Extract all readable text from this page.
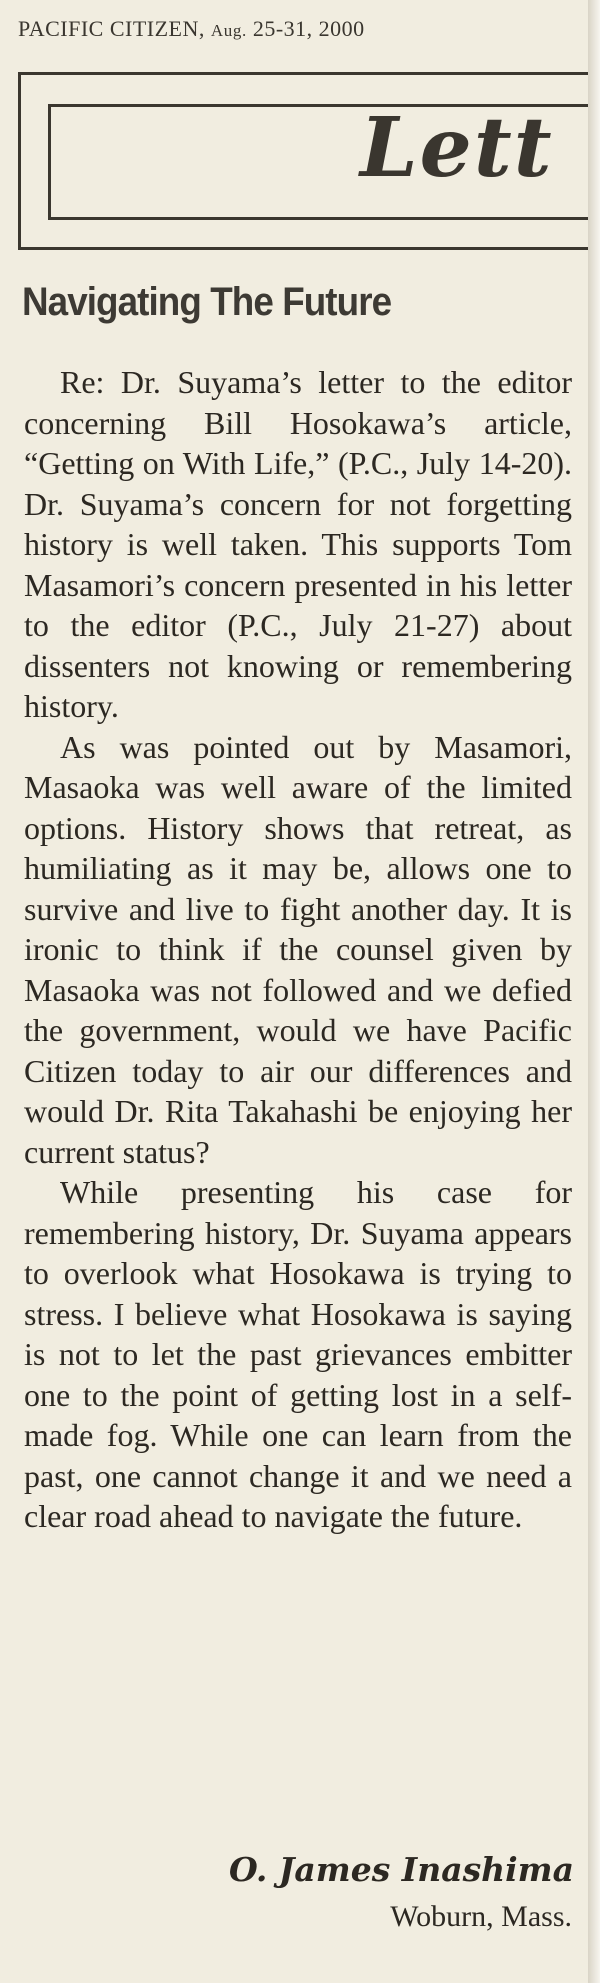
PACIFIC CITIZEN, Aug. 25-31, 2000
Lett
Navigating The Future

Re: Dr. Suyama’s letter to the editor concerning Bill Hosokawa’s article, “Getting on With Life,” (P.C., July 14-20). Dr. Suyama’s concern for not forgetting history is well taken. This supports Tom Masamori’s concern presented in his letter to the editor (P.C., July 21-27) about dissenters not knowing or remembering history.

As was pointed out by Masamori, Masaoka was well aware of the limited options. History shows that retreat, as humiliating as it may be, allows one to survive and live to fight another day. It is ironic to think if the counsel given by Masaoka was not followed and we defied the government, would we have Pacific Citizen today to air our differences and would Dr. Rita Takahashi be enjoying her current status?

While presenting his case for remembering history, Dr. Suyama appears to overlook what Hosokawa is trying to stress. I believe what Hosokawa is saying is not to let the past grievances embitter one to the point of getting lost in a self-made fog. While one can learn from the past, one cannot change it and we need a clear road ahead to navigate the future.

O. James Inashima
Woburn, Mass.
